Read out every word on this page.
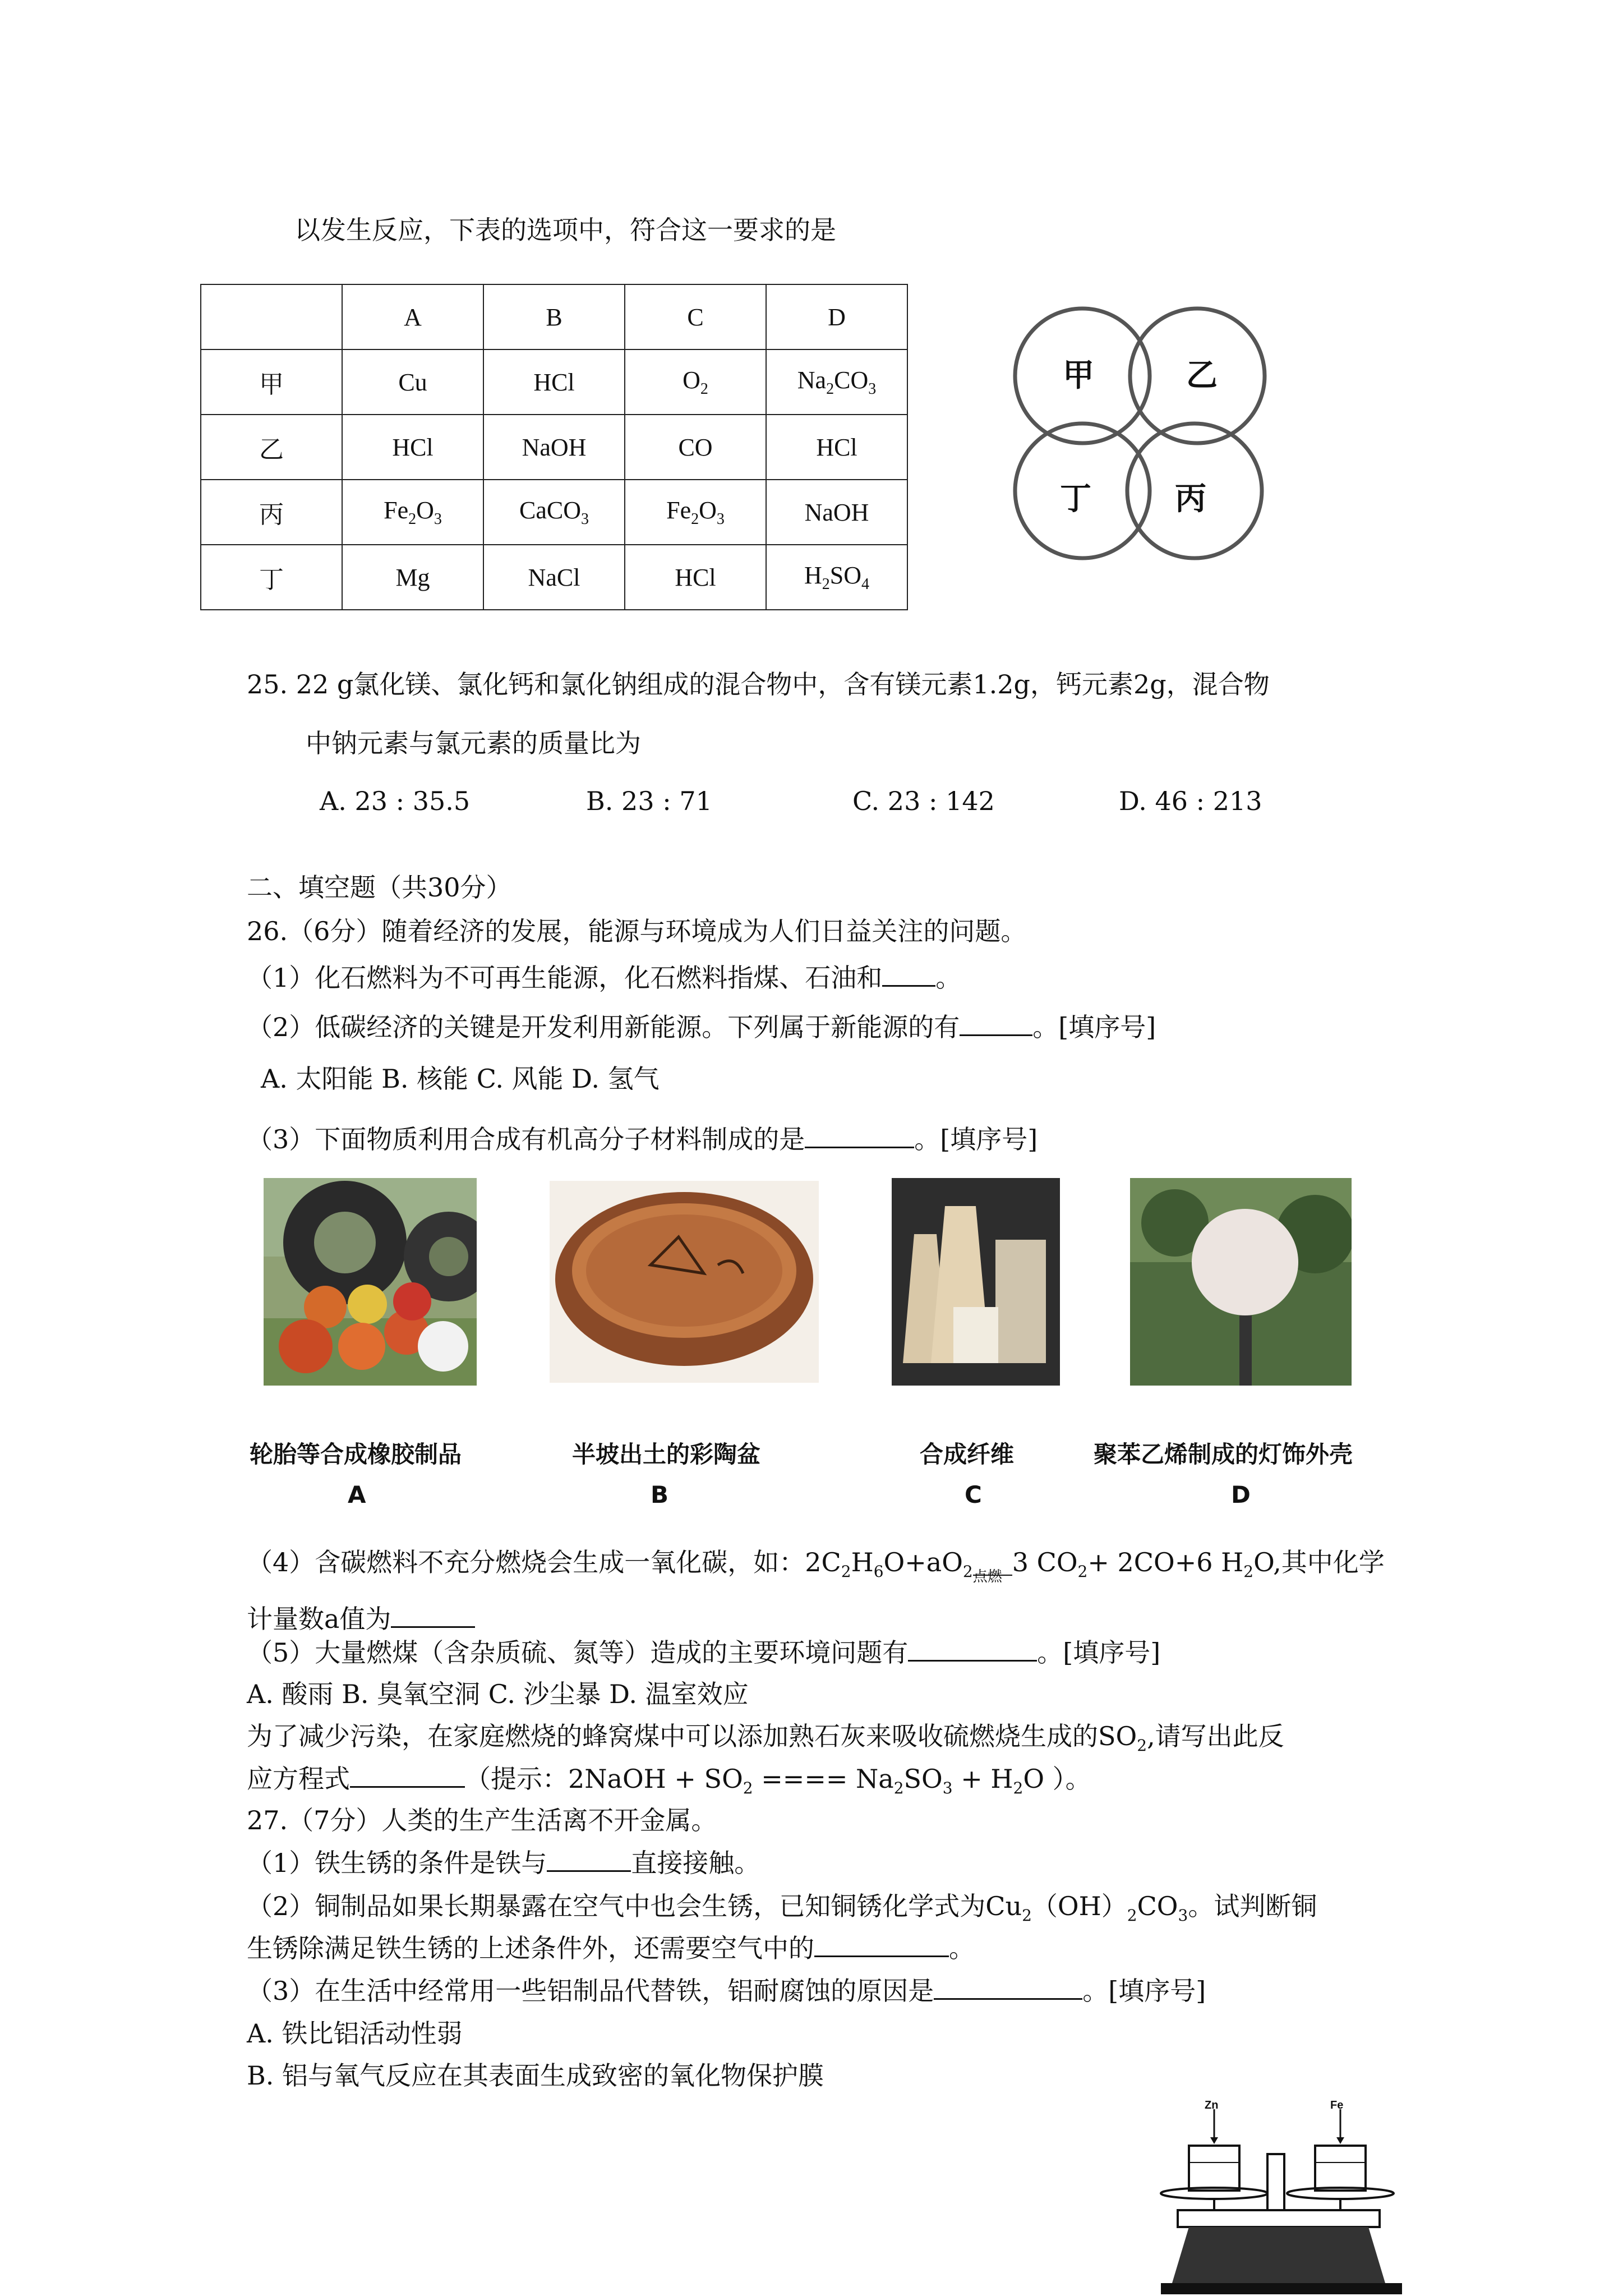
以发生反应，下表的选项中，符合这一要求的是
	A	B	C	D
甲	Cu	HCl	$O_2$	$Na_2CO_3$
乙	HCl	NaOH	CO	HCl
丙	$Fe_2O_3$	CaCO$_3$	$Fe_2O_3$	NaOH
丁	Mg	NaCl	HCl	$H_2SO_4$
甲	乙
丁	丙
25. 22 g氯化镁、氯化钙和氯化钠组成的混合物中，含有镁元素1.2g，钙元素2g，混合物
中钠元素与氯元素的质量比为
A. 23 : 35.5	B. 23 : 71	C. 23 : 142	D. 46 : 213
二、填空题（共30分）
26.（6分）随着经济的发展，能源与环境成为人们日益关注的问题。
（1）化石燃料为不可再生能源，化石燃料指煤、石油和 。
（2）低碳经济的关键是开发利用新能源。下列属于新能源的有	。[填序号]
A. 太阳能 B. 核能 C. 风能 D. 氢气
（3）下面物质利用合成有机高分子材料制成的是	。[填序号]
轮胎等合成橡胶制品	半坡出土的彩陶盆	合成纤维	聚苯乙烯制成的灯饰外壳
A	B	C	D
（4）含碳燃料不充分燃烧会生成一氧化碳，如：$2C_2H_6O+aO_2$ 点燃 3 $CO_2+ 2CO+6$ $H_2O$,其中化学
计量数a值为
（5）大量燃煤（含杂质硫、氮等）造成的主要环境问题有	。[填序号]
A. 酸雨 B. 臭氧空洞 C. 沙尘暴 D. 温室效应
为了减少污染，在家庭燃烧的蜂窝煤中可以添加熟石灰来吸收硫燃烧生成的$SO_2$,请写出此反
应方程式	（提示：2NaOH + $SO_2$ ==== $Na_2SO_3 + H_2O$ ）。
27.（7分）人类的生产生活离不开金属。
（1）铁生锈的条件是铁与	直接接触。
（2）铜制品如果长期暴露在空气中也会生锈，已知铜锈化学式为$Cu_2(OH)_2CO_3$。试判断铜
生锈除满足铁生锈的上述条件外，还需要空气中的	。
（3）在生活中经常用一些铝制品代替铁，铝耐腐蚀的原因是	。[填序号]
A. 铁比铝活动性弱
B. 铝与氧气反应在其表面生成致密的氧化物保护膜
Zn	Fe
